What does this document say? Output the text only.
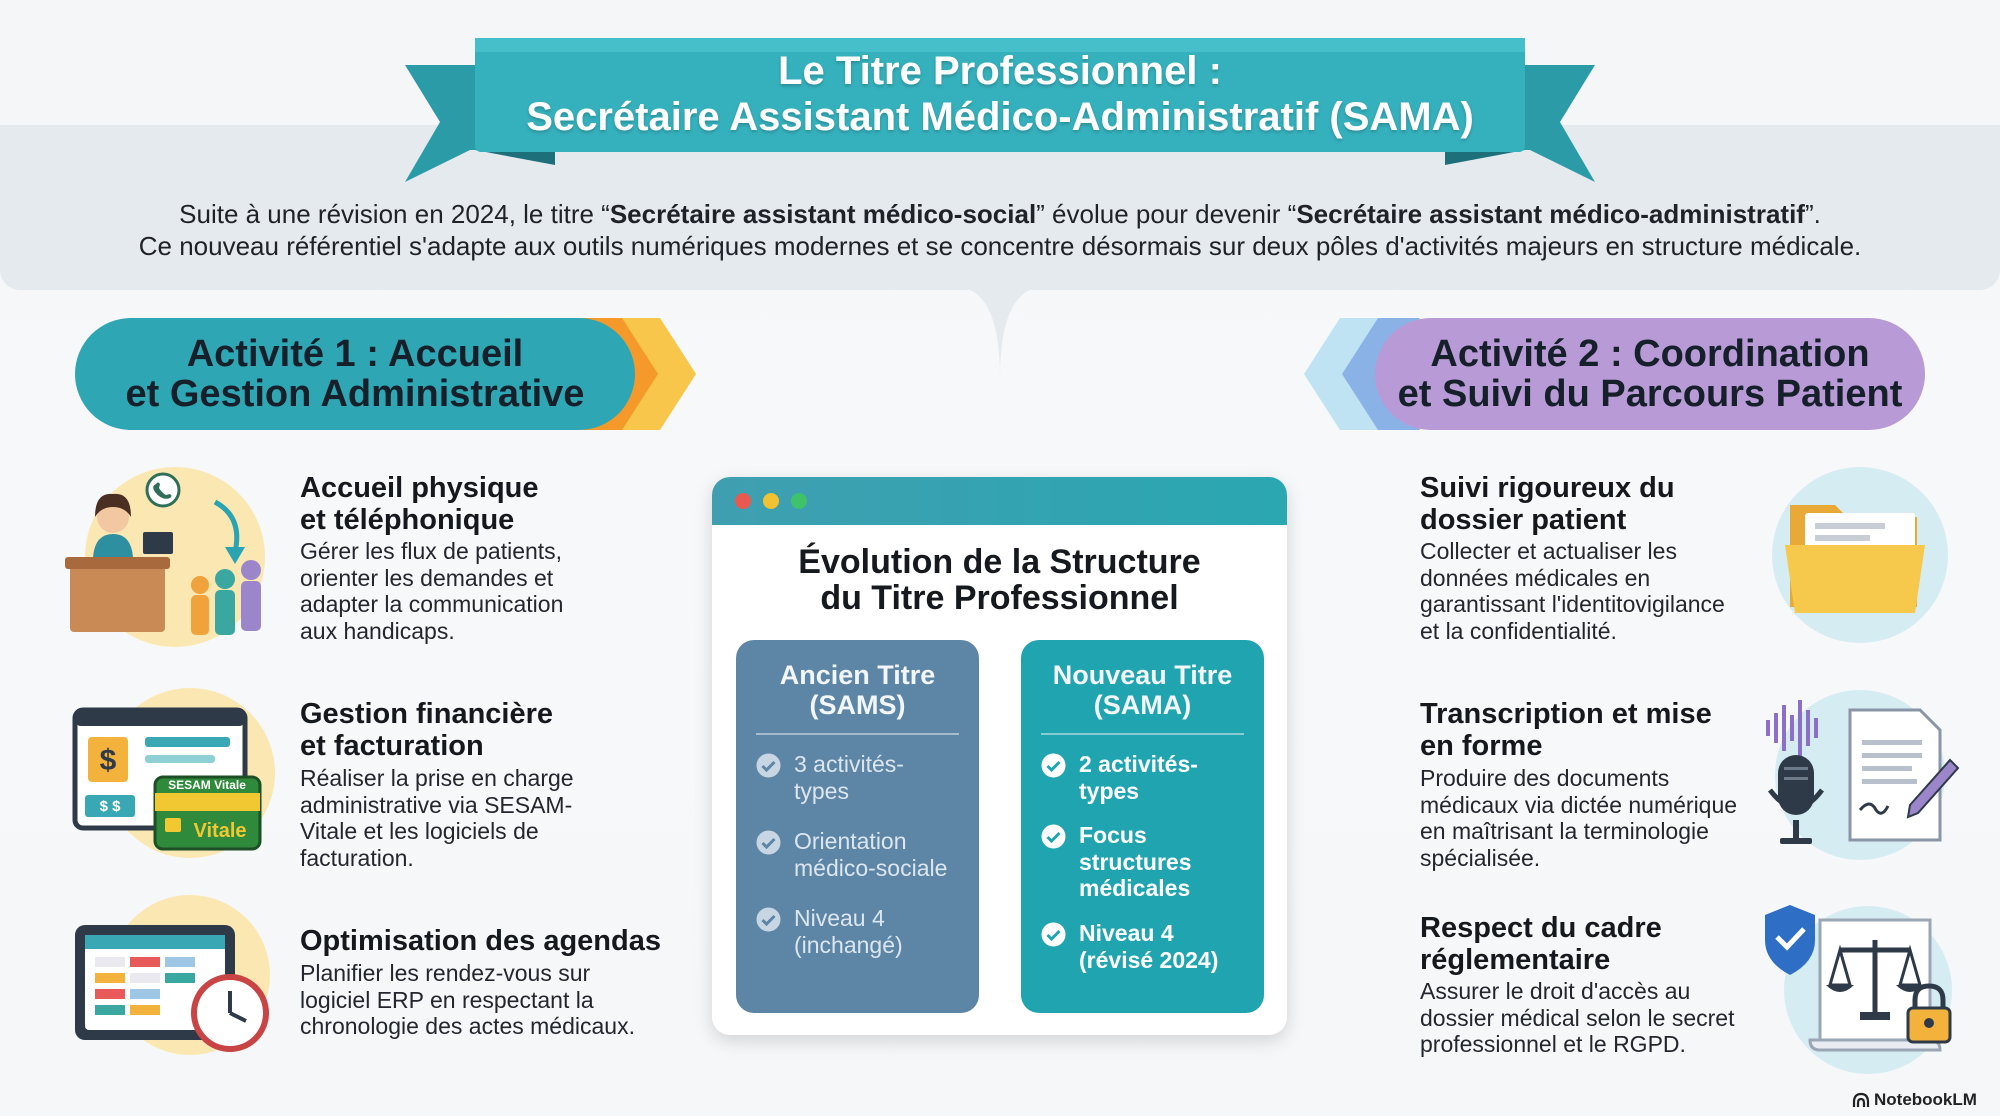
Le Titre Professionnel :
Secrétaire Assistant Médico-Administratif (SAMA)
Suite à une révision en 2024, le titre “Secrétaire assistant médico-social” évolue pour devenir “Secrétaire assistant médico-administratif”.
Ce nouveau référentiel s'adapte aux outils numériques modernes et se concentre désormais sur deux pôles d'activités majeurs en structure médicale.
Activité 1 : Accueil
et Gestion Administrative
Activité 2 : Coordination
et Suivi du Parcours Patient
$
$ $
SESAM Vitale
Vitale
Accueil physique
et téléphonique
Gérer les flux de patients,
orienter les demandes et
adapter la communication
aux handicaps.
Gestion financière
et facturation
Réaliser la prise en charge
administrative via SESAM-
Vitale et les logiciels de
facturation.
Optimisation des agendas
Planifier les rendez-vous sur
logiciel ERP en respectant la
chronologie des actes médicaux.
Évolution de la Structure
du Titre Professionnel
Ancien Titre
(SAMS)
3 activités-
types
Orientation
médico-sociale
Niveau 4
(inchangé)
Nouveau Titre
(SAMA)
2 activités-
types
Focus
structures
médicales
Niveau 4
(révisé 2024)
Suivi rigoureux du
dossier patient
Collecter et actualiser les
données médicales en
garantissant l'identitovigilance
et la confidentialité.
Transcription et mise
en forme
Produire des documents
médicaux via dictée numérique
en maîtrisant la terminologie
spécialisée.
Respect du cadre
réglementaire
Assurer le droit d'accès au
dossier médical selon le secret
professionnel et le RGPD.
NotebookLM
